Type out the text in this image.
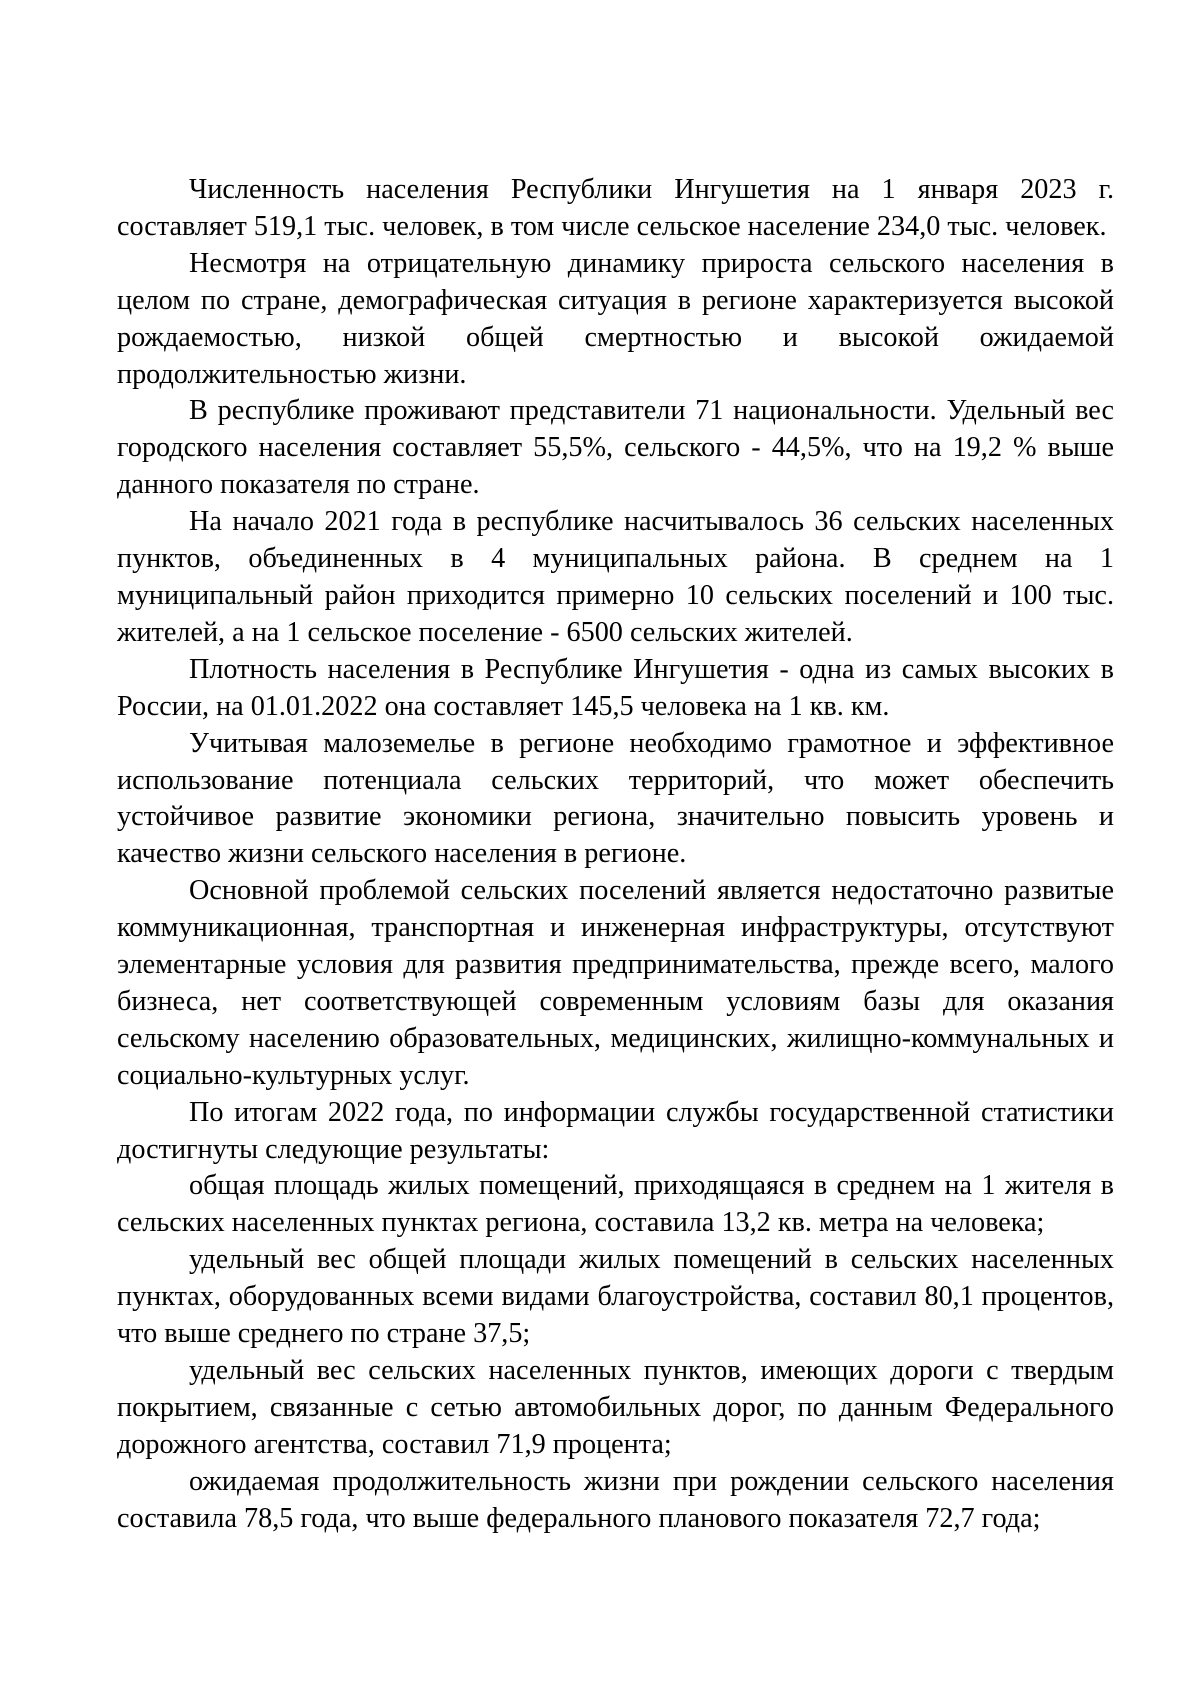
Численность населения Республики Ингушетия на 1 января 2023 г. составляет 519,1 тыс. человек, в том числе сельское население 234,0 тыс. человек.

Несмотря на отрицательную динамику прироста сельского населения в целом по стране, демографическая ситуация в регионе характеризуется высокой рождаемостью, низкой общей смертностью и высокой ожидаемой продолжительностью жизни.

В республике проживают представители 71 национальности. Удельный вес городского населения составляет 55,5%, сельского - 44,5%, что на 19,2 % выше данного показателя по стране.

На начало 2021 года в республике насчитывалось 36 сельских населенных пунктов, объединенных в 4 муниципальных района. В среднем на 1 муниципальный район приходится примерно 10 сельских поселений и 100 тыс. жителей, а на 1 сельское поселение - 6500 сельских жителей.

Плотность населения в Республике Ингушетия - одна из самых высоких в России, на 01.01.2022 она составляет 145,5 человека на 1 кв. км.

Учитывая малоземелье в регионе необходимо грамотное и эффективное использование потенциала сельских территорий, что может обеспечить устойчивое развитие экономики региона, значительно повысить уровень и качество жизни сельского населения в регионе.

Основной проблемой сельских поселений является недостаточно развитые коммуникационная, транспортная и инженерная инфраструктуры, отсутствуют элементарные условия для развития предпринимательства, прежде всего, малого бизнеса, нет соответствующей современным условиям базы для оказания сельскому населению образовательных, медицинских, жилищно-коммунальных и социально-культурных услуг.

По итогам 2022 года, по информации службы государственной статистики достигнуты следующие результаты:

общая площадь жилых помещений, приходящаяся в среднем на 1 жителя в сельских населенных пунктах региона, составила 13,2 кв. метра на человека;

удельный вес общей площади жилых помещений в сельских населенных пунктах, оборудованных всеми видами благоустройства, составил 80,1 процентов, что выше среднего по стране 37,5;

удельный вес сельских населенных пунктов, имеющих дороги с твердым покрытием, связанные с сетью автомобильных дорог, по данным Федерального дорожного агентства, составил 71,9 процента;

ожидаемая продолжительность жизни при рождении сельского населения составила 78,5 года, что выше федерального планового показателя 72,7 года;
